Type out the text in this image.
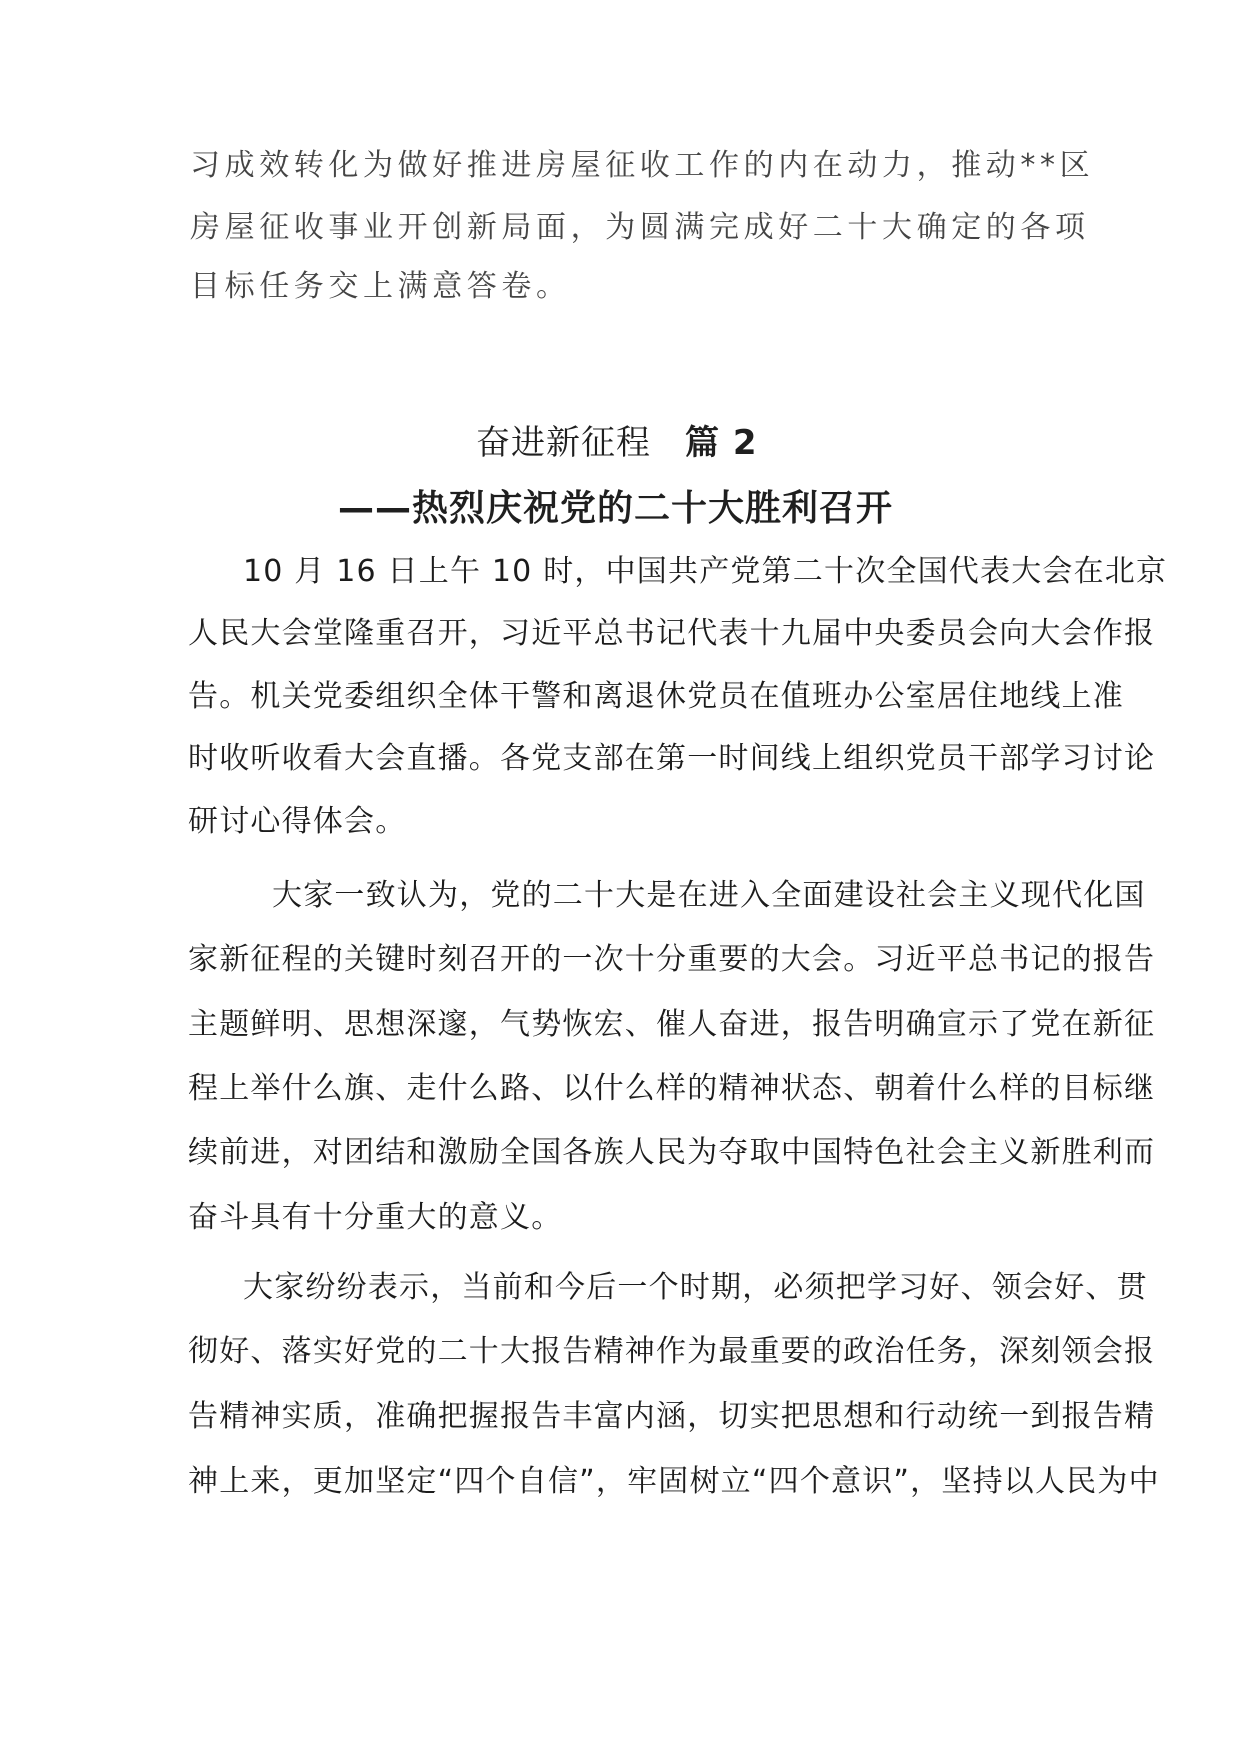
习成效转化为做好推进房屋征收工作的内在动力，推动**区
房屋征收事业开创新局面，为圆满完成好二十大确定的各项
目标任务交上满意答卷。
奋进新征程 篇 2
——热烈庆祝党的二十大胜利召开
10 月 16 日上午 10 时，中国共产党第二十次全国代表大会在北京
人民大会堂隆重召开，习近平总书记代表十九届中央委员会向大会作报
告。机关党委组织全体干警和离退休党员在值班办公室居住地线上准
时收听收看大会直播。各党支部在第一时间线上组织党员干部学习讨论
研讨心得体会。
大家一致认为，党的二十大是在进入全面建设社会主义现代化国
家新征程的关键时刻召开的一次十分重要的大会。习近平总书记的报告
主题鲜明、思想深邃，气势恢宏、催人奋进，报告明确宣示了党在新征
程上举什么旗、走什么路、以什么样的精神状态、朝着什么样的目标继
续前进，对团结和激励全国各族人民为夺取中国特色社会主义新胜利而
奋斗具有十分重大的意义。
大家纷纷表示，当前和今后一个时期，必须把学习好、领会好、贯
彻好、落实好党的二十大报告精神作为最重要的政治任务，深刻领会报
告精神实质，准确把握报告丰富内涵，切实把思想和行动统一到报告精
神上来，更加坚定“四个自信”，牢固树立“四个意识”，坚持以人民为中
